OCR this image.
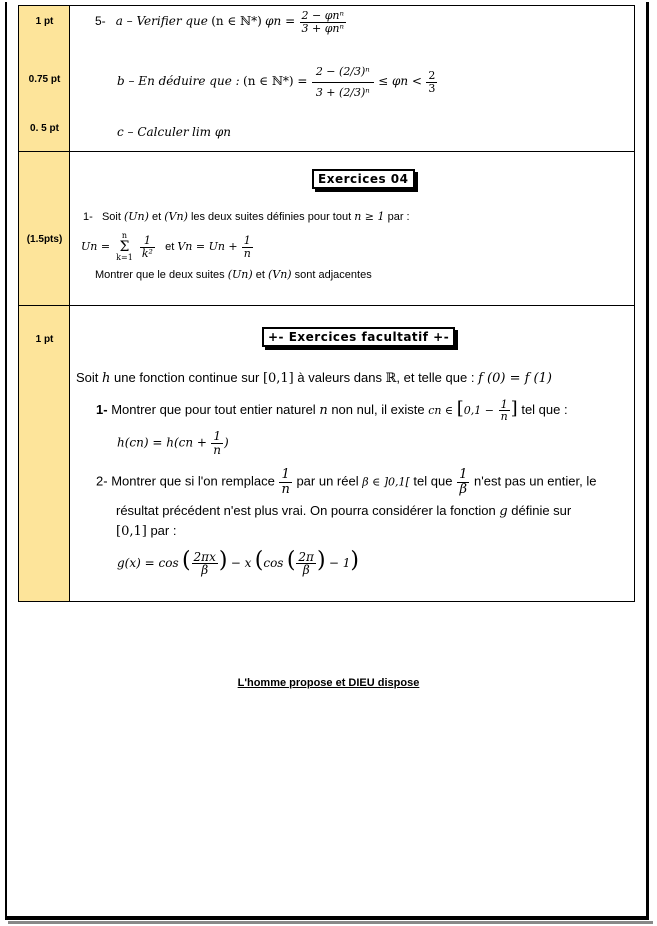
1 pt
0.75 pt
0. 5 pt
5- a – Verifier que (n ∈ ℕ*) $\varphi n = \frac{\text{2 − φnⁿ}}{\text{3 + φnⁿ}}$
b – En déduire que : (n ∈ ℕ*) = $\frac{\text{2 − (2/3)ⁿ}}{\text{3 + (2/3)ⁿ}} \le \varphi n < \frac{2}{3}$
c – Calculer lim φn
(1.5pts)
Exercices 04
1- Soit (Un) et (Vn) les deux suites définies pour tout n ≥ 1 par :
Un =
n
Σ
k=1
$\frac{1}{\text{k²}}$ et $Vn = Un + \frac{1}{n}$
Montrer que le deux suites (Un) et (Vn) sont adjacentes
1 pt	+- Exercices facultatif +-
Soit h une fonction continue sur [0,1] à valeurs dans ℝ, et telle que : f (0) = f (1)
1- Montrer que pour tout entier naturel n non nul, il existe cn ∈ [$0,1 - \frac{1}{n}$ ] tel que :
$h(cn) = h(cn + \frac{1}{n}$ )
2- Montrer que si l'on remplace $\frac{1}{n}$ par un réel β ∈ ]0,1[ tel que $\frac{1}{\beta} n'est$ pas un entier, le
résultat précédent n'est plus vrai. On pourra considérer la fonction g définie sur
[0,1] par :
g(x) = cos ( $\frac{2\pi x}{\beta}$ ) − x (cos ( $\frac{2\pi}{\beta}$ ) − 1)
L'homme propose et DIEU dispose
